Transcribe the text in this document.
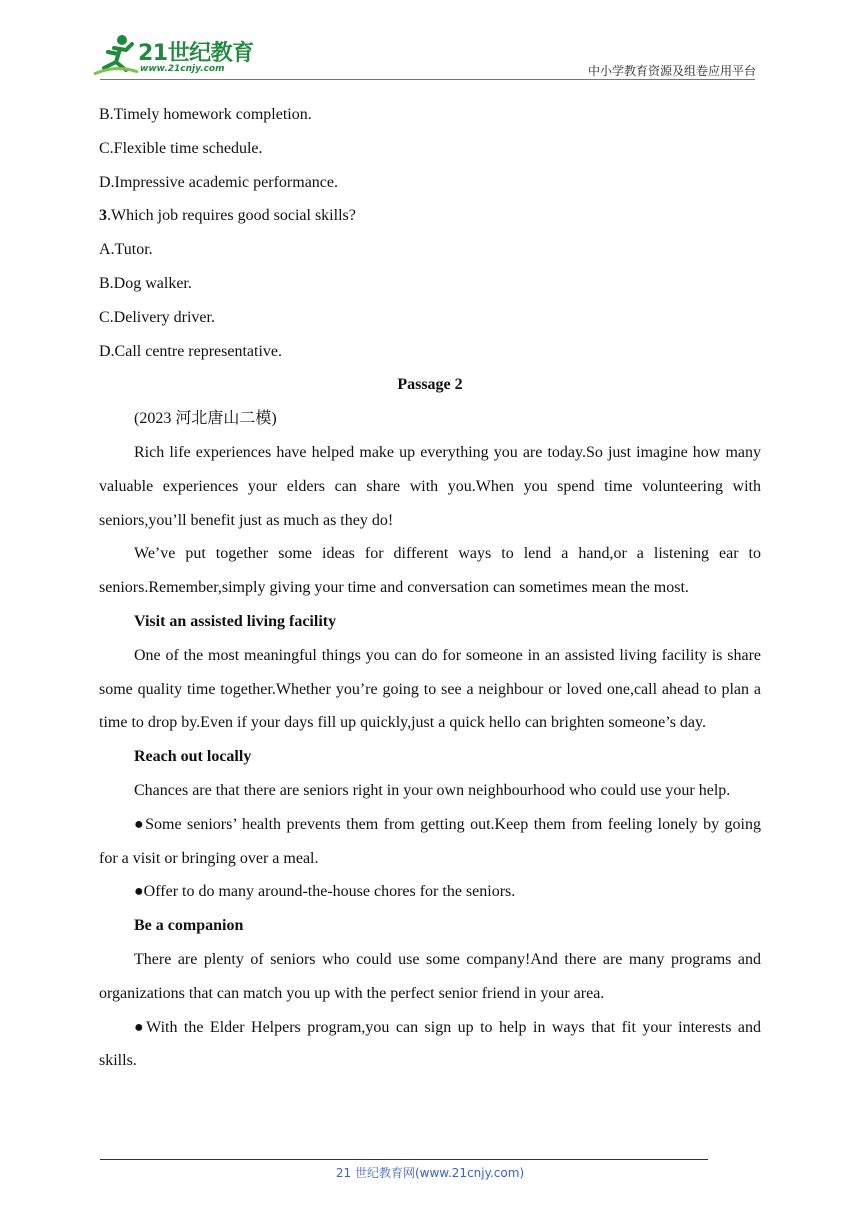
21世纪教育
www.21cnjy.com	中小学教育资源及组卷应用平台

B.Timely homework completion.

C.Flexible time schedule.

D.Impressive academic performance.

3.Which job requires good social skills?

A.Tutor.

B.Dog walker.

C.Delivery driver.

D.Call centre representative.

Passage 2

(2023 河北唐山二模)

Rich life experiences have helped make up everything you are today.So just imagine how many valuable experiences your elders can share with you.When you spend time volunteering with seniors,you’ll benefit just as much as they do!

We’ve put together some ideas for different ways to lend a hand,or a listening ear to seniors.Remember,simply giving your time and conversation can sometimes mean the most.

Visit an assisted living facility

One of the most meaningful things you can do for someone in an assisted living facility is share some quality time together.Whether you’re going to see a neighbour or loved one,call ahead to plan a time to drop by.Even if your days fill up quickly,just a quick hello can brighten someone’s day.

Reach out locally

Chances are that there are seniors right in your own neighbourhood who could use your help.

●Some seniors’ health prevents them from getting out.Keep them from feeling lonely by going for a visit or bringing over a meal.

●Offer to do many around-the-house chores for the seniors.

Be a companion

There are plenty of seniors who could use some company!And there are many programs and organizations that can match you up with the perfect senior friend in your area.

●With the Elder Helpers program,you can sign up to help in ways that fit your interests and skills.

21 世纪教育网(www.21cnjy.com)
